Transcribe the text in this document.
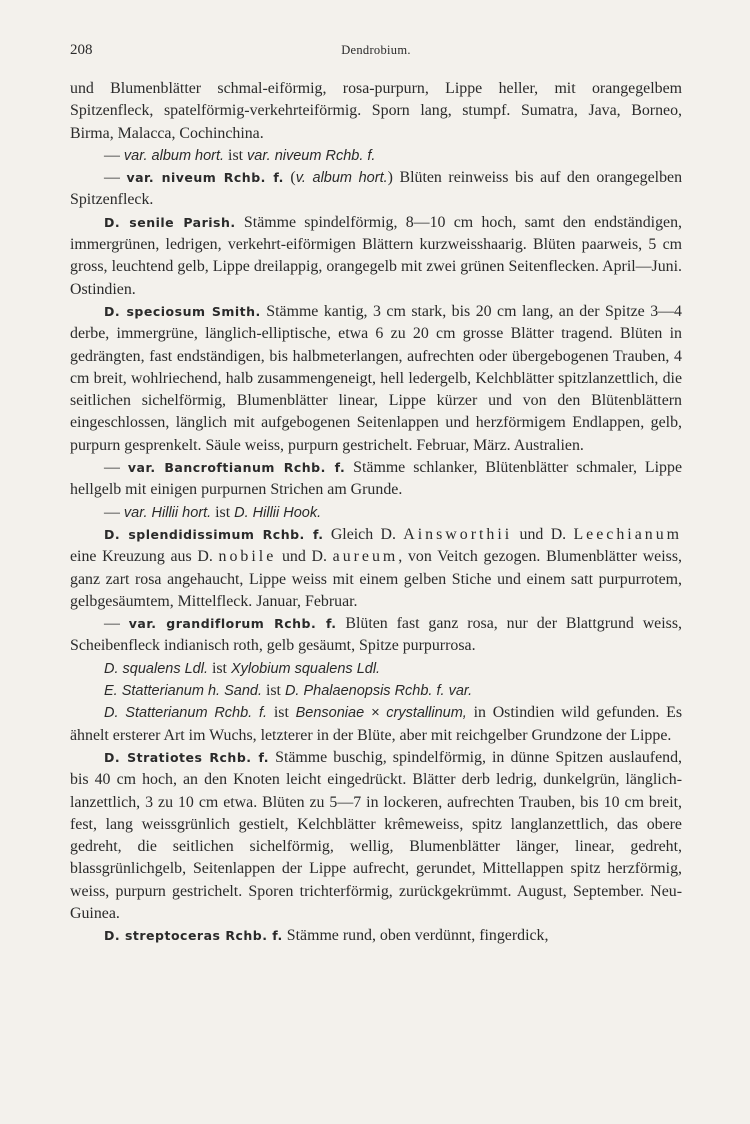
208	Dendrobium.

und Blumenblätter schmal-eiförmig, rosa-purpurn, Lippe heller, mit orangegelbem Spitzenfleck, spatelförmig-verkehrteiförmig. Sporn lang, stumpf. Sumatra, Java, Borneo, Birma, Malacca, Cochinchina.

— var. album hort. ist var. niveum Rchb. f.

— var. niveum Rchb. f. (v. album hort.) Blüten reinweiss bis auf den orangegelben Spitzenfleck.

D. senile Parish. Stämme spindelförmig, 8—10 cm hoch, samt den endständigen, immergrünen, ledrigen, verkehrt-eiförmigen Blättern kurzweisshaarig. Blüten paarweis, 5 cm gross, leuchtend gelb, Lippe dreilappig, orangegelb mit zwei grünen Seitenflecken. April—Juni. Ostindien.

D. speciosum Smith. Stämme kantig, 3 cm stark, bis 20 cm lang, an der Spitze 3—4 derbe, immergrüne, länglich-elliptische, etwa 6 zu 20 cm grosse Blätter tragend. Blüten in gedrängten, fast endständigen, bis halbmeterlangen, aufrechten oder übergebogenen Trauben, 4 cm breit, wohlriechend, halb zusammengeneigt, hell ledergelb, Kelchblätter spitzlanzettlich, die seitlichen sichelförmig, Blumenblätter linear, Lippe kürzer und von den Blütenblättern eingeschlossen, länglich mit aufgebogenen Seitenlappen und herzförmigem Endlappen, gelb, purpurn gesprenkelt. Säule weiss, purpurn gestrichelt. Februar, März. Australien.

— var. Bancroftianum Rchb. f. Stämme schlanker, Blütenblätter schmaler, Lippe hellgelb mit einigen purpurnen Strichen am Grunde.

— var. Hillii hort. ist D. Hillii Hook.

D. splendidissimum Rchb. f. Gleich D. Ainsworthii und D. Leechianum eine Kreuzung aus D. nobile und D. aureum, von Veitch gezogen. Blumenblätter weiss, ganz zart rosa angehaucht, Lippe weiss mit einem gelben Stiche und einem satt purpurrotem, gelbgesäumtem, Mittelfleck. Januar, Februar.

— var. grandiflorum Rchb. f. Blüten fast ganz rosa, nur der Blattgrund weiss, Scheibenfleck indianisch roth, gelb gesäumt, Spitze purpurrosa.

D. squalens Ldl. ist Xylobium squalens Ldl.

E. Statterianum h. Sand. ist D. Phalaenopsis Rchb. f. var.

D. Statterianum Rchb. f. ist Bensoniae × crystallinum, in Ostindien wild gefunden. Es ähnelt ersterer Art im Wuchs, letzterer in der Blüte, aber mit reichgelber Grundzone der Lippe.

D. Stratiotes Rchb. f. Stämme buschig, spindelförmig, in dünne Spitzen auslaufend, bis 40 cm hoch, an den Knoten leicht eingedrückt. Blätter derb ledrig, dunkelgrün, länglich-lanzettlich, 3 zu 10 cm etwa. Blüten zu 5—7 in lockeren, aufrechten Trauben, bis 10 cm breit, fest, lang weissgrünlich gestielt, Kelchblätter krêmeweiss, spitz langlanzettlich, das obere gedreht, die seitlichen sichelförmig, wellig, Blumenblätter länger, linear, gedreht, blassgrünlichgelb, Seitenlappen der Lippe aufrecht, gerundet, Mittellappen spitz herzförmig, weiss, purpurn gestrichelt. Sporen trichterförmig, zurückgekrümmt. August, September. Neu-Guinea.

D. streptoceras Rchb. f. Stämme rund, oben verdünnt, fingerdick,
